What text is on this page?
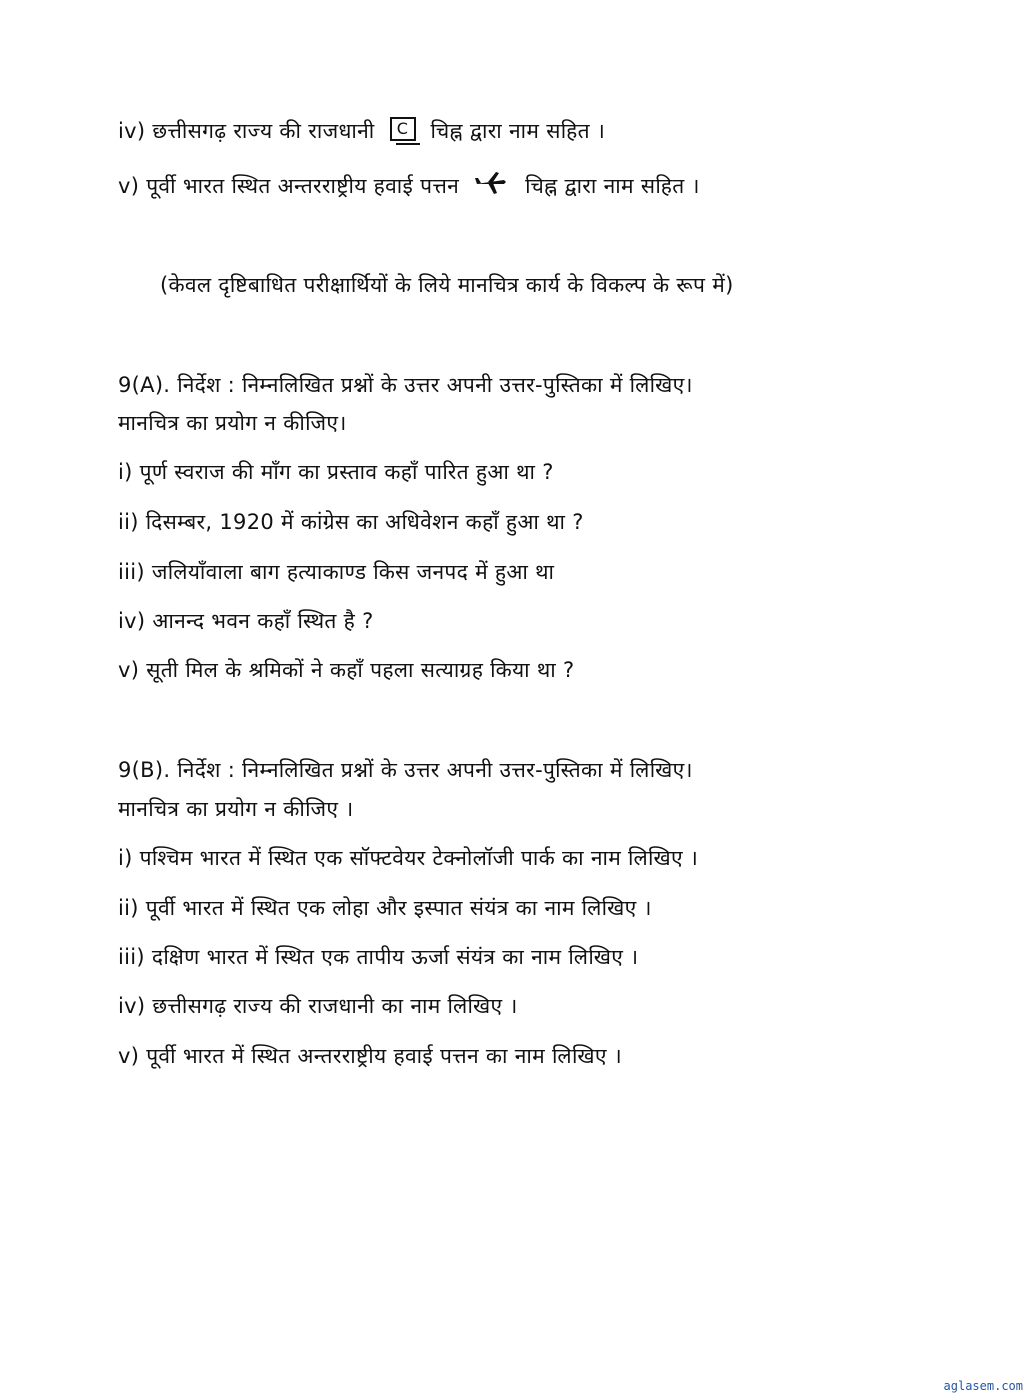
iv) छत्तीसगढ़ राज्य की राजधानी C चिह्न द्वारा नाम सहित ।
v) पूर्वी भारत स्थित अन्तरराष्ट्रीय हवाई पत्तन	चिह्न द्वारा नाम सहित ।
(केवल दृष्टिबाधित परीक्षार्थियों के लिये मानचित्र कार्य के विकल्प के रूप में)
9(A). निर्देश : निम्नलिखित प्रश्नों के उत्तर अपनी उत्तर-पुस्तिका में लिखिए।
मानचित्र का प्रयोग न कीजिए।
i) पूर्ण स्वराज की माँग का प्रस्ताव कहाँ पारित हुआ था ?
ii) दिसम्बर, 1920 में कांग्रेस का अधिवेशन कहाँ हुआ था ?
iii) जलियाँवाला बाग हत्याकाण्ड किस जनपद में हुआ था
iv) आनन्द भवन कहाँ स्थित है ?
v) सूती मिल के श्रमिकों ने कहाँ पहला सत्याग्रह किया था ?
9(B). निर्देश : निम्नलिखित प्रश्नों के उत्तर अपनी उत्तर-पुस्तिका में लिखिए।
मानचित्र का प्रयोग न कीजिए ।
i) पश्चिम भारत में स्थित एक सॉफ्टवेयर टेक्नोलॉजी पार्क का नाम लिखिए ।
ii) पूर्वी भारत में स्थित एक लोहा और इस्पात संयंत्र का नाम लिखिए ।
iii) दक्षिण भारत में स्थित एक तापीय ऊर्जा संयंत्र का नाम लिखिए ।
iv) छत्तीसगढ़ राज्य की राजधानी का नाम लिखिए ।
v) पूर्वी भारत में स्थित अन्तरराष्ट्रीय हवाई पत्तन का नाम लिखिए ।
aglasem.com
